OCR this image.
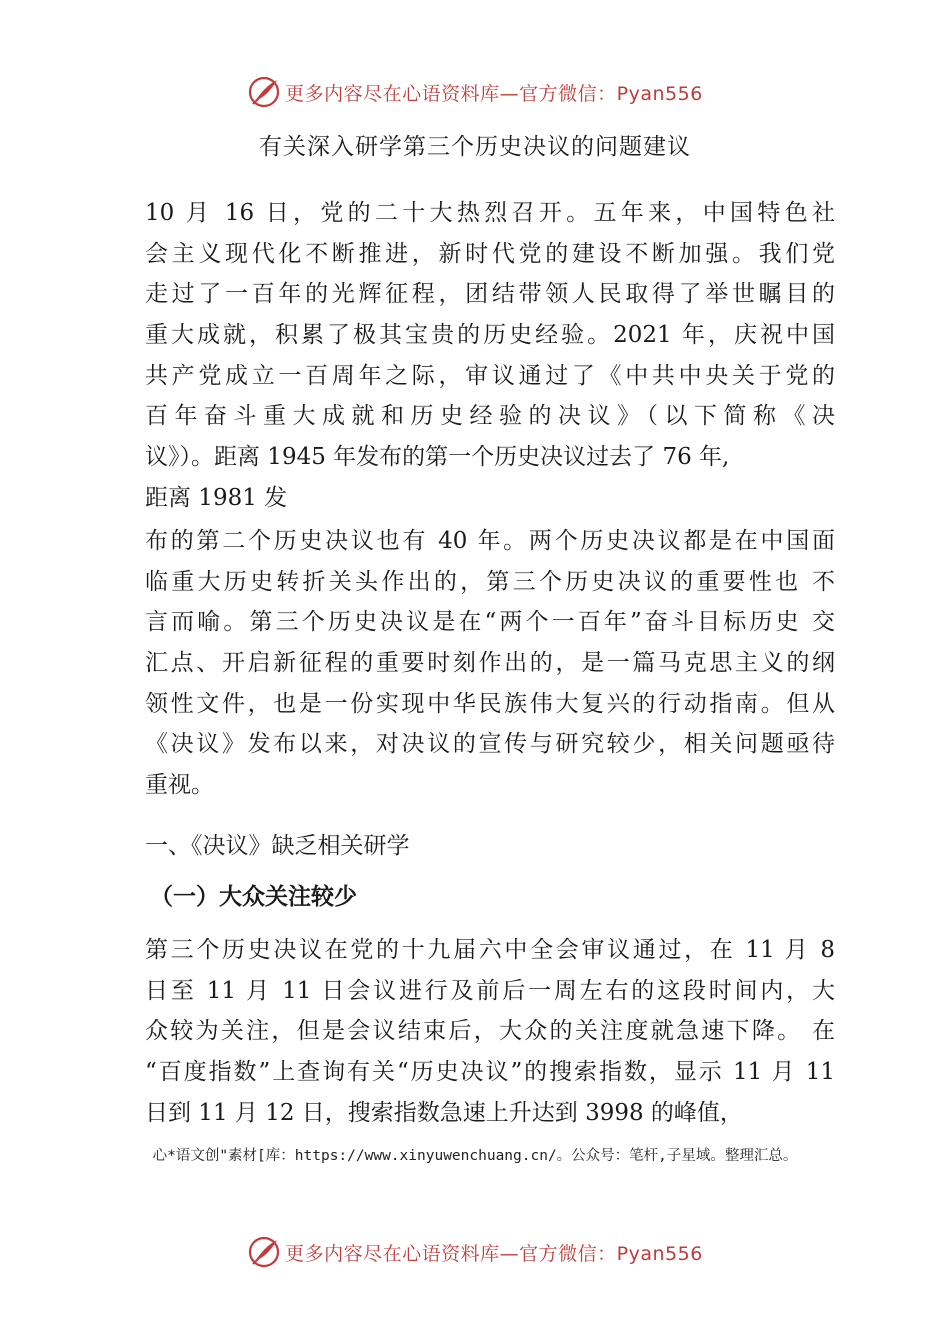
更多内容尽在心语资料库—官方微信：Pyan556
有关深入研学第三个历史决议的问题建议
10 月 16 日，党的二十大热烈召开。五年来，中国特色社
会主义现代化不断推进，新时代党的建设不断加强。我们党
走过了一百年的光辉征程，团结带领人民取得了举世瞩目的
重大成就，积累了极其宝贵的历史经验。2021 年，庆祝中国
共产党成立一百周年之际，审议通过了《中共中央关于党的
百年奋斗重大成就和历史经验的决议》（以下简称《决
议》）。距离 1945 年发布的第一个历史决议过去了 76 年,
距离 1981 发
布的第二个历史决议也有 40 年。两个历史决议都是在中国面
临重大历史转折关头作出的，第三个历史决议的重要性也 不
言而喻。第三个历史决议是在“两个一百年”奋斗目标历史 交
汇点、开启新征程的重要时刻作出的，是一篇马克思主义的纲
领性文件，也是一份实现中华民族伟大复兴的行动指南。但从
《决议》发布以来，对决议的宣传与研究较少，相关问题亟待
重视。
一、《决议》缺乏相关研学
（一）大众关注较少
第三个历史决议在党的十九届六中全会审议通过，在 11 月 8
日至 11 月 11 日会议进行及前后一周左右的这段时间内，大
众较为关注，但是会议结束后，大众的关注度就急速下降。 在
“百度指数”上查询有关“历史决议”的搜索指数，显示 11 月 11
日到 11 月 12 日，搜索指数急速上升达到 3998 的峰值，

心*语文创"素材[库：https://www.xinyuwenchuang.cn/。公众号：笔杆,子星域。整理汇总。

更多内容尽在心语资料库—官方微信：Pyan556
